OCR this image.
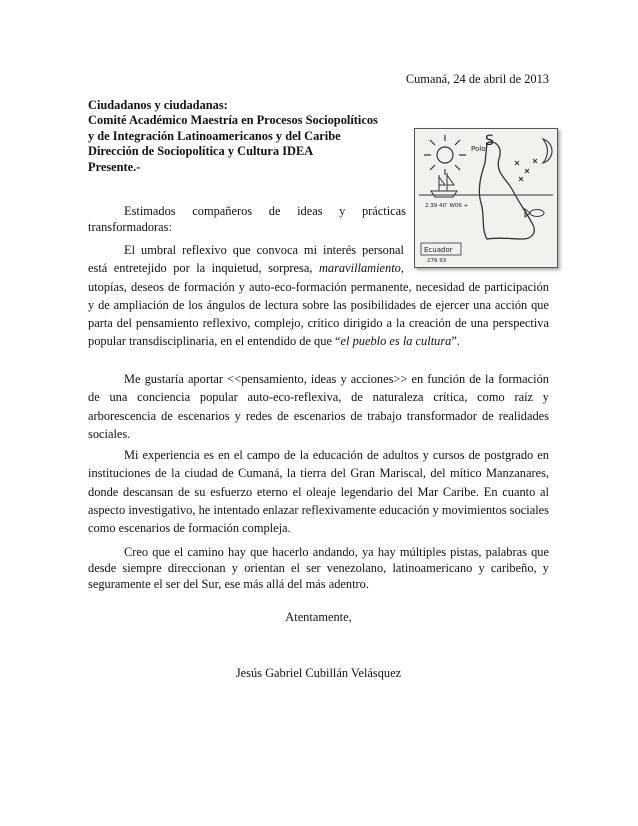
Cumaná, 24 de abril de 2013
Ciudadanos y ciudadanas:
Comité Académico Maestría en Procesos Sociopolíticos
y de Integración Latinoamericanos y del Caribe
Dirección de Sociopolítica y Cultura IDEA
Presente.-
Polo S
2.39 40’ W06 +
Ecuador
276 93
Estimados compañeros de ideas y prácticas transformadoras:
El umbral reflexivo que convoca mi interés personal está entretejido por la inquietud, sorpresa, maravillamiento, utopías, deseos de formación y auto-eco-formación permanente, necesidad de participación y de ampliación de los ángulos de lectura sobre las posibilidades de ejercer una acción que parta del pensamiento reflexivo, complejo, crítico dirigido a la creación de una perspectiva popular transdisciplinaria, en el entendido de que “el pueblo es la cultura”.
Me gustaría aportar <<pensamiento, ideas y acciones>> en función de la formación de una conciencia popular auto-eco-reflexiva, de naturaleza crítica, como raíz y arborescencia de escenarios y redes de escenarios de trabajo transformador de realidades sociales.
Mi experiencia es en el campo de la educación de adultos y cursos de postgrado en instituciones de la ciudad de Cumaná, la tierra del Gran Mariscal, del mítico Manzanares, donde descansan de su esfuerzo eterno el oleaje legendario del Mar Caribe. En cuanto al aspecto investigativo, he intentado enlazar reflexivamente educación y movimientos sociales como escenarios de formación compleja.
Creo que el camino hay que hacerlo andando, ya hay múltiples pistas, palabras que desde siempre direccionan y orientan el ser venezolano, latinoamericano y caribeño, y seguramente el ser del Sur, ese más allá del más adentro.
Atentamente,
Jesús Gabriel Cubillán Velásquez
